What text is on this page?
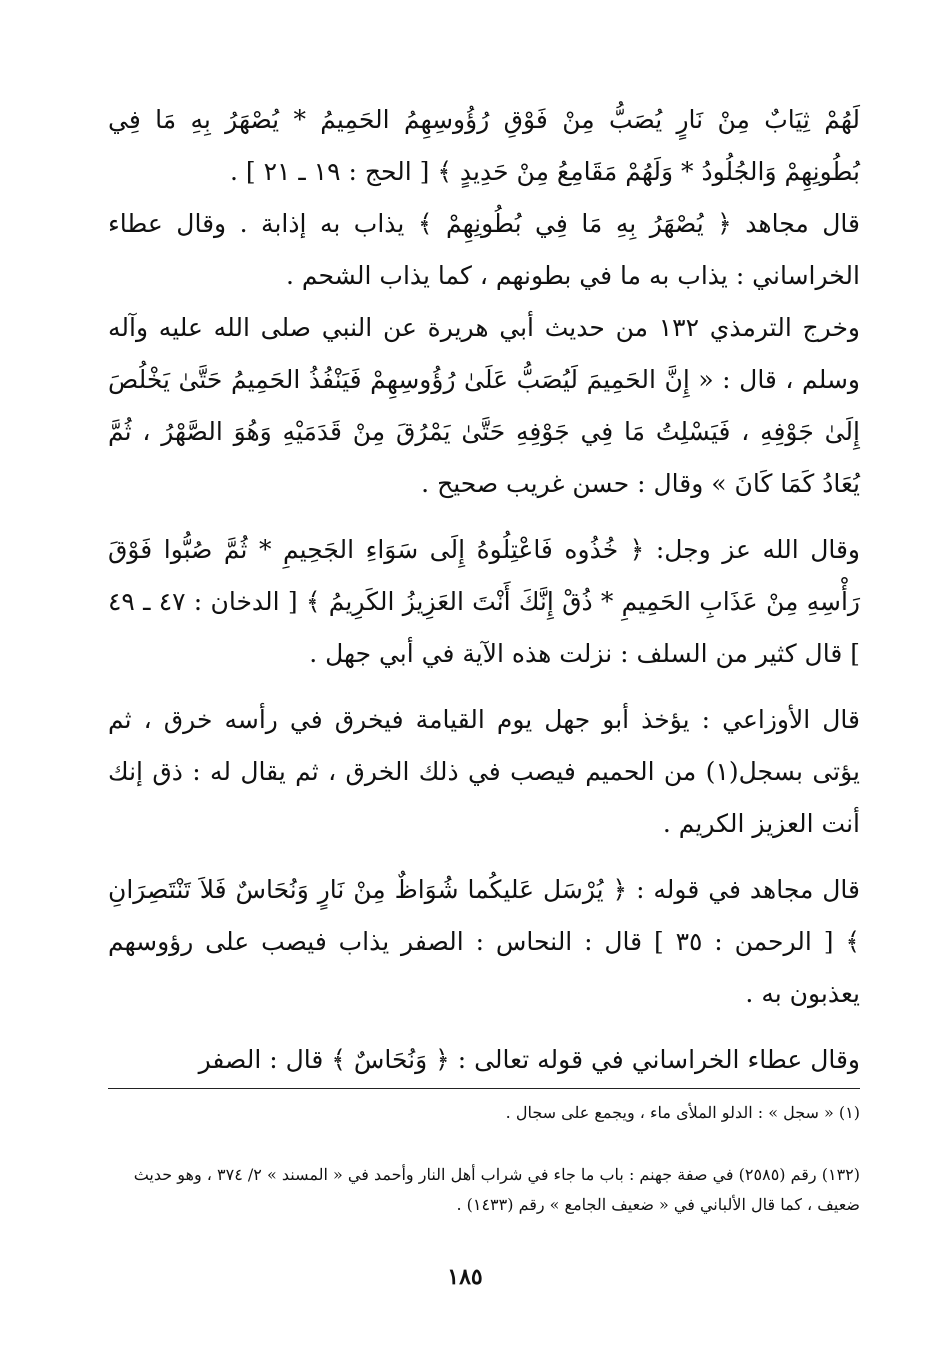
لَهُمْ ثِيَابٌ مِنْ نَارٍ يُصَبُّ مِنْ فَوْقِ رُؤُوسِهِمُ الحَمِيمُ * يُصْهَرُ بِهِ مَا فِي بُطُونِهِمْ وَالجُلُودُ * وَلَهُمْ مَقَامِعُ مِنْ حَدِيدٍ ﴾ [ الحج : ١٩ ـ ٢١ ] .

قال مجاهد ﴿ يُصْهَرُ بِهِ مَا فِي بُطُونِهِمْ ﴾ يذاب به إذابة . وقال عطاء الخراساني : يذاب به ما في بطونهم ، كما يذاب الشحم .

وخرج الترمذي ١٣٢ من حديث أبي هريرة عن النبي صلى الله عليه وآله وسلم ، قال : « إِنَّ الحَمِيمَ لَيُصَبُّ عَلَىٰ رُؤُوسِهِمْ فَيَنْفُذُ الحَمِيمُ حَتَّىٰ يَخْلُصَ إِلَىٰ جَوْفِهِ ، فَيَسْلِتُ مَا فِي جَوْفِهِ حَتَّىٰ يَمْرُقَ مِنْ قَدَمَيْهِ وَهُوَ الصَّهْرُ ، ثُمَّ يُعَادُ كَمَا كَانَ » وقال : حسن غريب صحيح .

وقال الله عز وجل: ﴿ خُذُوه فَاعْتِلُوهُ إِلَى سَوَاءِ الجَحِيمِ * ثُمَّ صُبُّوا فَوْقَ رَأْسِهِ مِنْ عَذَابِ الحَمِيمِ * ذُقْ إِنَّكَ أَنْتَ العَزِيزُ الكَرِيمُ ﴾ [ الدخان : ٤٧ ـ ٤٩ ] قال كثير من السلف : نزلت هذه الآية في أبي جهل .

قال الأوزاعي : يؤخذ أبو جهل يوم القيامة فيخرق في رأسه خرق ، ثم يؤتى بسجل(١) من الحميم فيصب في ذلك الخرق ، ثم يقال له : ذق إنك أنت العزيز الكريم .

قال مجاهد في قوله : ﴿ يُرْسَل عَليكُما شُوَاظٌ مِنْ نَارٍ وَنُحَاسٌ فَلاَ تَنْتَصِرَانِ ﴾ [ الرحمن : ٣٥ ] قال : النحاس : الصفر يذاب فيصب على رؤوسهم يعذبون به .

وقال عطاء الخراساني في قوله تعالى : ﴿ وَنُحَاسٌ ﴾ قال : الصفر

(١) « سجل » : الدلو الملأى ماء ، ويجمع على سجال .

(١٣٢) رقم (٢٥٨٥) في صفة جهنم : باب ما جاء في شراب أهل النار وأحمد في « المسند » ٢/ ٣٧٤ ، وهو حديث ضعيف ، كما قال الألباني في « ضعيف الجامع » رقم (١٤٣٣) .

١٨٥
